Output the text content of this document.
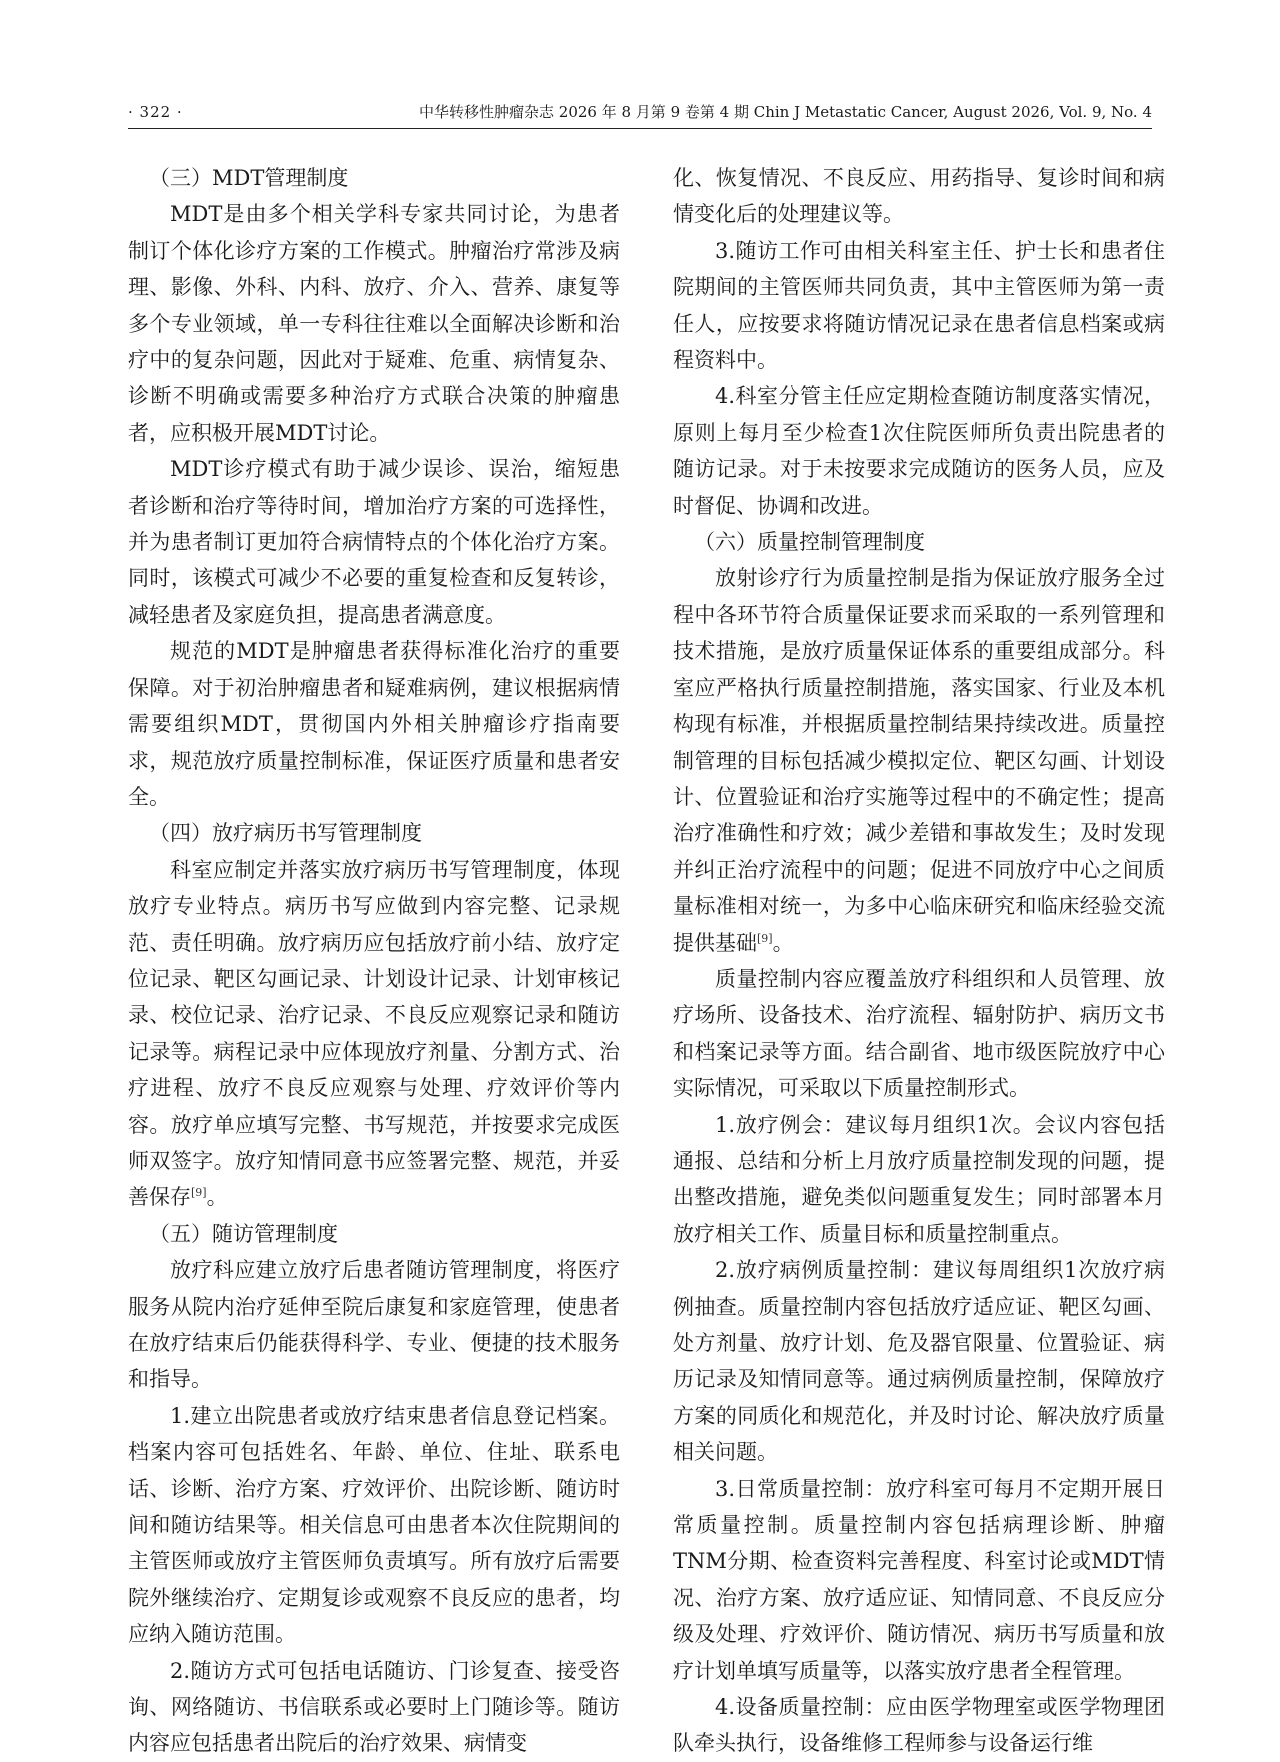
· 322 ·	中华转移性肿瘤杂志 2026 年 8 月第 9 卷第 4 期 Chin J Metastatic Cancer, August 2026, Vol. 9, No. 4

（三）MDT管理制度

MDT是由多个相关学科专家共同讨论，为患者制订个体化诊疗方案的工作模式。肿瘤治疗常涉及病理、影像、外科、内科、放疗、介入、营养、康复等多个专业领域，单一专科往往难以全面解决诊断和治疗中的复杂问题，因此对于疑难、危重、病情复杂、诊断不明确或需要多种治疗方式联合决策的肿瘤患者，应积极开展MDT讨论。

MDT诊疗模式有助于减少误诊、误治，缩短患者诊断和治疗等待时间，增加治疗方案的可选择性，并为患者制订更加符合病情特点的个体化治疗方案。同时，该模式可减少不必要的重复检查和反复转诊，减轻患者及家庭负担，提高患者满意度。

规范的MDT是肿瘤患者获得标准化治疗的重要保障。对于初治肿瘤患者和疑难病例，建议根据病情需要组织MDT，贯彻国内外相关肿瘤诊疗指南要求，规范放疗质量控制标准，保证医疗质量和患者安全。

（四）放疗病历书写管理制度

科室应制定并落实放疗病历书写管理制度，体现放疗专业特点。病历书写应做到内容完整、记录规范、责任明确。放疗病历应包括放疗前小结、放疗定位记录、靶区勾画记录、计划设计记录、计划审核记录、校位记录、治疗记录、不良反应观察记录和随访记录等。病程记录中应体现放疗剂量、分割方式、治疗进程、放疗不良反应观察与处理、疗效评价等内容。放疗单应填写完整、书写规范，并按要求完成医师双签字。放疗知情同意书应签署完整、规范，并妥善保存[9]。

（五）随访管理制度

放疗科应建立放疗后患者随访管理制度，将医疗服务从院内治疗延伸至院后康复和家庭管理，使患者在放疗结束后仍能获得科学、专业、便捷的技术服务和指导。

1.建立出院患者或放疗结束患者信息登记档案。档案内容可包括姓名、年龄、单位、住址、联系电话、诊断、治疗方案、疗效评价、出院诊断、随访时间和随访结果等。相关信息可由患者本次住院期间的主管医师或放疗主管医师负责填写。所有放疗后需要院外继续治疗、定期复诊或观察不良反应的患者，均应纳入随访范围。

2.随访方式可包括电话随访、门诊复查、接受咨询、网络随访、书信联系或必要时上门随诊等。随访内容应包括患者出院后的治疗效果、病情变

化、恢复情况、不良反应、用药指导、复诊时间和病情变化后的处理建议等。

3.随访工作可由相关科室主任、护士长和患者住院期间的主管医师共同负责，其中主管医师为第一责任人，应按要求将随访情况记录在患者信息档案或病程资料中。

4.科室分管主任应定期检查随访制度落实情况，原则上每月至少检查1次住院医师所负责出院患者的随访记录。对于未按要求完成随访的医务人员，应及时督促、协调和改进。

（六）质量控制管理制度

放射诊疗行为质量控制是指为保证放疗服务全过程中各环节符合质量保证要求而采取的一系列管理和技术措施，是放疗质量保证体系的重要组成部分。科室应严格执行质量控制措施，落实国家、行业及本机构现有标准，并根据质量控制结果持续改进。质量控制管理的目标包括减少模拟定位、靶区勾画、计划设计、位置验证和治疗实施等过程中的不确定性；提高治疗准确性和疗效；减少差错和事故发生；及时发现并纠正治疗流程中的问题；促进不同放疗中心之间质量标准相对统一，为多中心临床研究和临床经验交流提供基础[9]。

质量控制内容应覆盖放疗科组织和人员管理、放疗场所、设备技术、治疗流程、辐射防护、病历文书和档案记录等方面。结合副省、地市级医院放疗中心实际情况，可采取以下质量控制形式。

1.放疗例会：建议每月组织1次。会议内容包括通报、总结和分析上月放疗质量控制发现的问题，提出整改措施，避免类似问题重复发生；同时部署本月放疗相关工作、质量目标和质量控制重点。

2.放疗病例质量控制：建议每周组织1次放疗病例抽查。质量控制内容包括放疗适应证、靶区勾画、处方剂量、放疗计划、危及器官限量、位置验证、病历记录及知情同意等。通过病例质量控制，保障放疗方案的同质化和规范化，并及时讨论、解决放疗质量相关问题。

3.日常质量控制：放疗科室可每月不定期开展日常质量控制。质量控制内容包括病理诊断、肿瘤TNM分期、检查资料完善程度、科室讨论或MDT情况、治疗方案、放疗适应证、知情同意、不良反应分级及处理、疗效评价、随访情况、病历书写质量和放疗计划单填写质量等，以落实放疗患者全程管理。

4.设备质量控制：应由医学物理室或医学物理团队牵头执行，设备维修工程师参与设备运行维
